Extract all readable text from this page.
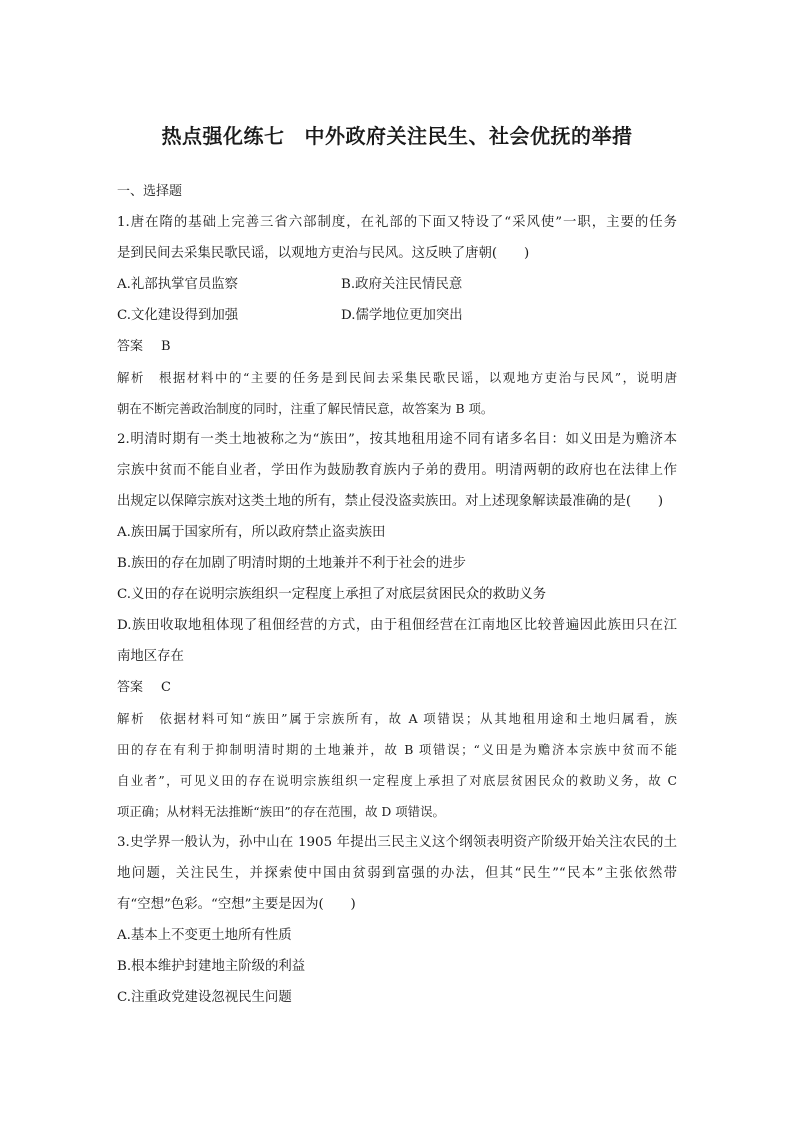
热点强化练七 中外政府关注民生、社会优抚的举措
一、选择题
1.唐在隋的基础上完善三省六部制度，在礼部的下面又特设了“采风使”一职，主要的任务
是到民间去采集民歌民谣，以观地方吏治与民风。这反映了唐朝(　　)
A.礼部执掌官员监察	B.政府关注民情民意
C.文化建设得到加强	D.儒学地位更加突出
答案 B
解析 根据材料中的“主要的任务是到民间去采集民歌民谣，以观地方吏治与民风”，说明唐
朝在不断完善政治制度的同时，注重了解民情民意，故答案为 B 项。
2.明清时期有一类土地被称之为“族田”，按其地租用途不同有诸多名目：如义田是为赡济本
宗族中贫而不能自业者，学田作为鼓励教育族内子弟的费用。明清两朝的政府也在法律上作
出规定以保障宗族对这类土地的所有，禁止侵没盗卖族田。对上述现象解读最准确的是(　　)
A.族田属于国家所有，所以政府禁止盗卖族田
B.族田的存在加剧了明清时期的土地兼并不利于社会的进步
C.义田的存在说明宗族组织一定程度上承担了对底层贫困民众的救助义务
D.族田收取地租体现了租佃经营的方式，由于租佃经营在江南地区比较普遍因此族田只在江
南地区存在
答案 C
解析 依据材料可知“族田”属于宗族所有，故 A 项错误；从其地租用途和土地归属看，族
田的存在有利于抑制明清时期的土地兼并，故 B 项错误；“义田是为赡济本宗族中贫而不能
自业者”，可见义田的存在说明宗族组织一定程度上承担了对底层贫困民众的救助义务，故 C
项正确；从材料无法推断“族田”的存在范围，故 D 项错误。
3.史学界一般认为，孙中山在 1905 年提出三民主义这个纲领表明资产阶级开始关注农民的土
地问题，关注民生，并探索使中国由贫弱到富强的办法，但其“民生”“民本”主张依然带
有“空想”色彩。“空想”主要是因为(　　)
A.基本上不变更土地所有性质
B.根本维护封建地主阶级的利益
C.注重政党建设忽视民生问题
